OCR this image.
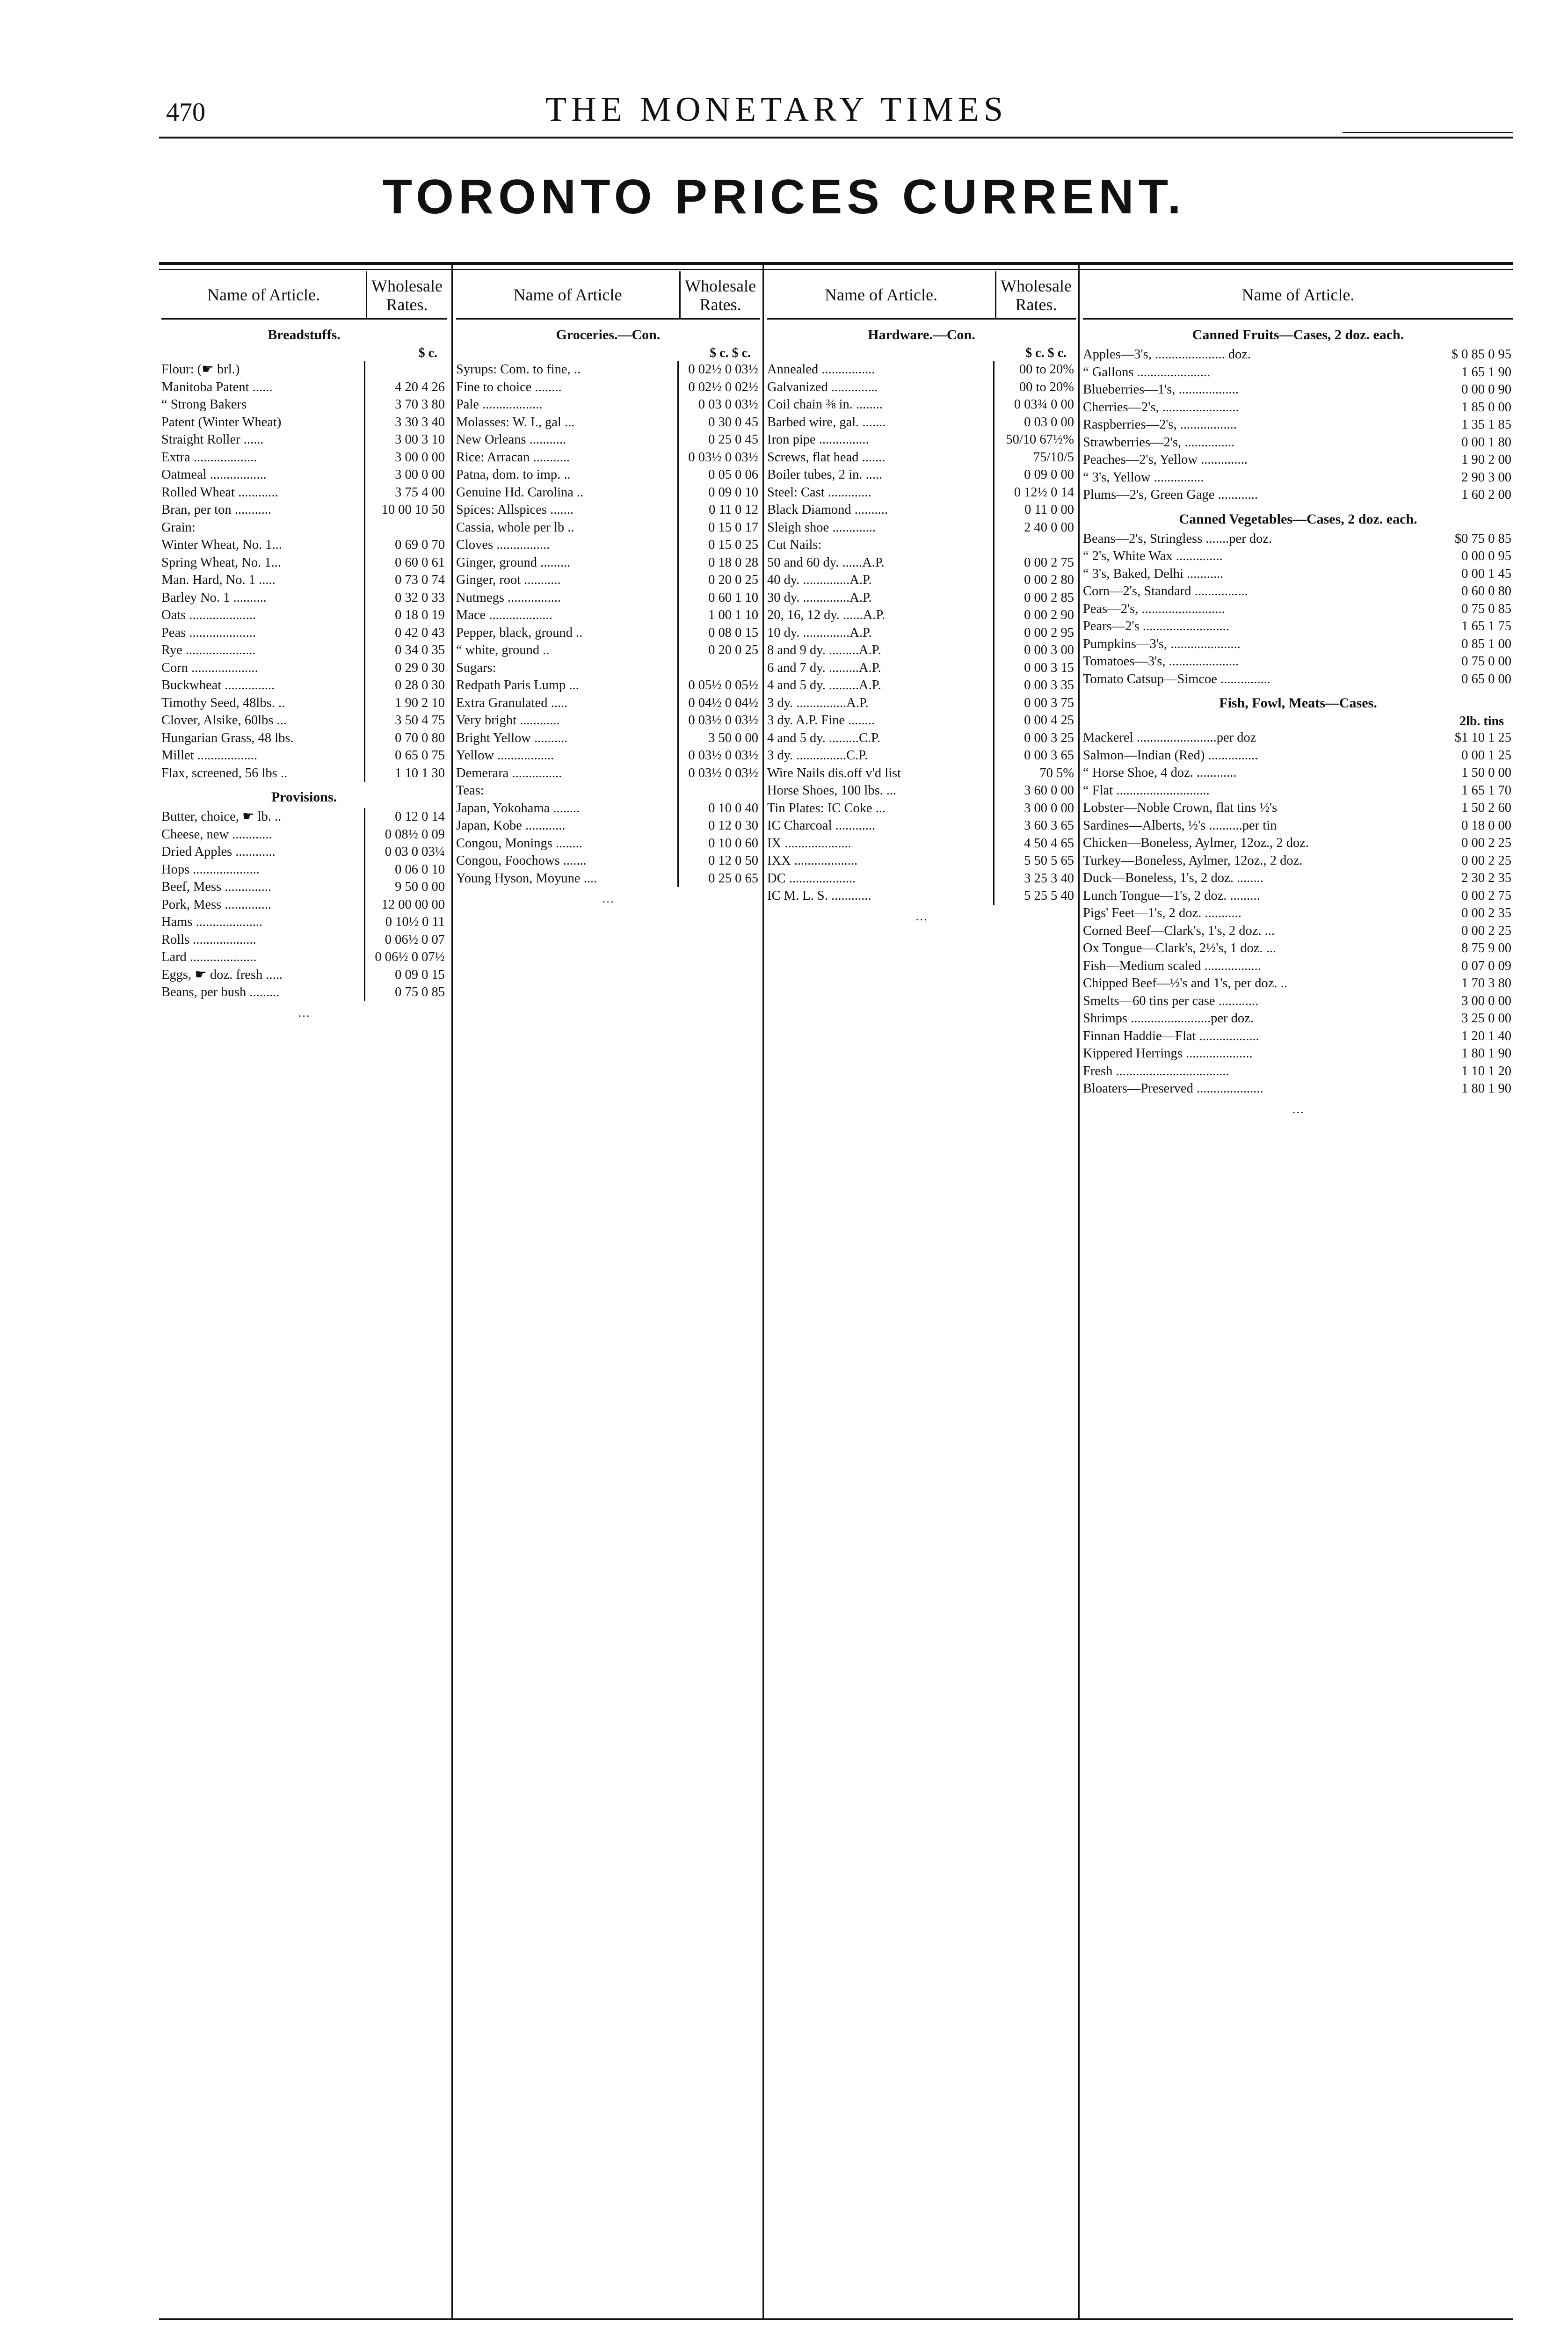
470	THE MONETARY TIMES
TORONTO PRICES CURRENT.
Name of Article.	Wholesale Rates.
Breadstuffs.
$ c.
Flour: (☛ brl.)
Manitoba Patent ......	4 20 4 26
“ Strong Bakers	3 70 3 80
Patent (Winter Wheat)	3 30 3 40
Straight Roller ......	3 00 3 10
Extra ...................	3 00 0 00
Oatmeal .................	3 00 0 00
Rolled Wheat ............	3 75 4 00
Bran, per ton ...........	10 00 10 50
Grain:
Winter Wheat, No. 1...	0 69 0 70
Spring Wheat, No. 1...	0 60 0 61
Man. Hard, No. 1 .....	0 73 0 74
Barley No. 1 ..........	0 32 0 33
Oats ....................	0 18 0 19
Peas ....................	0 42 0 43
Rye .....................	0 34 0 35
Corn ....................	0 29 0 30
Buckwheat ...............	0 28 0 30
Timothy Seed, 48lbs. ..	1 90 2 10
Clover, Alsike, 60lbs ...	3 50 4 75
Hungarian Grass, 48 lbs.	0 70 0 80
Millet ..................	0 65 0 75
Flax, screened, 56 lbs ..	1 10 1 30
Provisions.
Butter, choice, ☛ lb. ..	0 12 0 14
Cheese, new ............	0 08½ 0 09
Dried Apples ............	0 03 0 03¼
Hops ....................	0 06 0 10
Beef, Mess ..............	9 50 0 00
Pork, Mess ..............	12 00 00 00
Hams ....................	0 10½ 0 11
Rolls ...................	0 06½ 0 07
Lard ....................	0 06½ 0 07½
Eggs, ☛ doz. fresh .....	0 09 0 15
Beans, per bush .........	0 75 0 85
…
Name of Article	Wholesale Rates.
Groceries.—Con.
$ c. $ c.
Syrups: Com. to fine, ..	0 02½ 0 03½
Fine to choice ........	0 02½ 0 02½
Pale ..................	0 03 0 03½
Molasses: W. I., gal ...	0 30 0 45
New Orleans ...........	0 25 0 45
Rice: Arracan ...........	0 03½ 0 03½
Patna, dom. to imp. ..	0 05 0 06
Genuine Hd. Carolina ..	0 09 0 10
Spices: Allspices .......	0 11 0 12
Cassia, whole per lb ..	0 15 0 17
Cloves ................	0 15 0 25
Ginger, ground .........	0 18 0 28
Ginger, root ...........	0 20 0 25
Nutmegs ................	0 60 1 10
Mace ...................	1 00 1 10
Pepper, black, ground ..	0 08 0 15
“ white, ground ..	0 20 0 25
Sugars:
Redpath Paris Lump ...	0 05½ 0 05½
Extra Granulated .....	0 04½ 0 04½
Very bright ............	0 03½ 0 03½
Bright Yellow ..........	3 50 0 00
Yellow .................	0 03½ 0 03½
Demerara ...............	0 03½ 0 03½
Teas:
Japan, Yokohama ........	0 10 0 40
Japan, Kobe ............	0 12 0 30
Congou, Monings ........	0 10 0 60
Congou, Foochows .......	0 12 0 50
Young Hyson, Moyune ....	0 25 0 65
…
Name of Article.	Wholesale Rates.
Hardware.—Con.
$ c. $ c.
Annealed ................	00 to 20%
Galvanized ..............	00 to 20%
Coil chain ⅜ in. ........	0 03¾ 0 00
Barbed wire, gal. .......	0 03 0 00
Iron pipe ...............	50/10 67½%
Screws, flat head .......	75/10/5
Boiler tubes, 2 in. .....	0 09 0 00
Steel: Cast .............	0 12½ 0 14
Black Diamond ..........	0 11 0 00
Sleigh shoe .............	2 40 0 00
Cut Nails:
50 and 60 dy. ......A.P.	0 00 2 75
40 dy. ..............A.P.	0 00 2 80
30 dy. ..............A.P.	0 00 2 85
20, 16, 12 dy. ......A.P.	0 00 2 90
10 dy. ..............A.P.	0 00 2 95
8 and 9 dy. .........A.P.	0 00 3 00
6 and 7 dy. .........A.P.	0 00 3 15
4 and 5 dy. .........A.P.	0 00 3 35
3 dy. ...............A.P.	0 00 3 75
3 dy. A.P. Fine ........	0 00 4 25
4 and 5 dy. .........C.P.	0 00 3 25
3 dy. ...............C.P.	0 00 3 65
Wire Nails dis.off v'd list	70 5%
Horse Shoes, 100 lbs. ...	3 60 0 00
Tin Plates: IC Coke ...	3 00 0 00
IC Charcoal ............	3 60 3 65
IX ....................	4 50 4 65
IXX ...................	5 50 5 65
DC ....................	3 25 3 40
IC M. L. S. ............	5 25 5 40
…
Name of Article.
Canned Fruits—Cases, 2 doz. each.
Apples—3's, ..................... doz.	$ 0 85 0 95
“ Gallons ......................	1 65 1 90
Blueberries—1's, ..................	0 00 0 90
Cherries—2's, .......................	1 85 0 00
Raspberries—2's, .................	1 35 1 85
Strawberries—2's, ...............	0 00 1 80
Peaches—2's, Yellow ..............	1 90 2 00
“ 3's, Yellow ...............	2 90 3 00
Plums—2's, Green Gage ............	1 60 2 00
Canned Vegetables—Cases, 2 doz. each.
Beans—2's, Stringless .......per doz.	$0 75 0 85
“ 2's, White Wax ..............	0 00 0 95
“ 3's, Baked, Delhi ...........	0 00 1 45
Corn—2's, Standard ................	0 60 0 80
Peas—2's, .........................	0 75 0 85
Pears—2's ..........................	1 65 1 75
Pumpkins—3's, .....................	0 85 1 00
Tomatoes—3's, .....................	0 75 0 00
Tomato Catsup—Simcoe ...............	0 65 0 00
Fish, Fowl, Meats—Cases.
2lb. tins
Mackerel ........................per doz	$1 10 1 25
Salmon—Indian (Red) ...............	0 00 1 25
“ Horse Shoe, 4 doz. ............	1 50 0 00
“ Flat ............................	1 65 1 70
Lobster—Noble Crown, flat tins ½'s	1 50 2 60
Sardines—Alberts, ½'s ..........per tin	0 18 0 00
Chicken—Boneless, Aylmer, 12oz., 2 doz.	0 00 2 25
Turkey—Boneless, Aylmer, 12oz., 2 doz.	0 00 2 25
Duck—Boneless, 1's, 2 doz. ........	2 30 2 35
Lunch Tongue—1's, 2 doz. .........	0 00 2 75
Pigs' Feet—1's, 2 doz. ...........	0 00 2 35
Corned Beef—Clark's, 1's, 2 doz. ...	0 00 2 25
Ox Tongue—Clark's, 2½'s, 1 doz. ...	8 75 9 00
Fish—Medium scaled .................	0 07 0 09
Chipped Beef—½'s and 1's, per doz. ..	1 70 3 80
Smelts—60 tins per case ............	3 00 0 00
Shrimps ........................per doz.	3 25 0 00
Finnan Haddie—Flat ..................	1 20 1 40
Kippered Herrings ....................	1 80 1 90
Fresh ..................................	1 10 1 20
Bloaters—Preserved ....................	1 80 1 90
…
